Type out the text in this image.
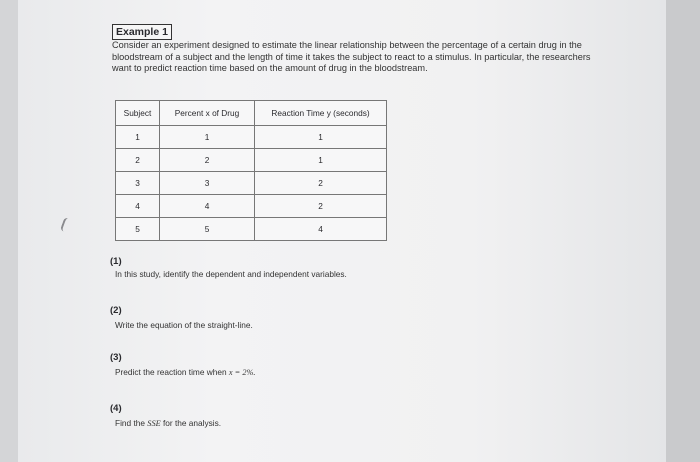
Example 1
Consider an experiment designed to estimate the linear relationship between the percentage of a certain drug in the bloodstream of a subject and the length of time it takes the subject to react to a stimulus. In particular, the researchers want to predict reaction time based on the amount of drug in the bloodstream.
Subject	Percent x of Drug	Reaction Time y (seconds)
1	1	1
2	2	1
3	3	2
4	4	2
5	5	4
(1)
In this study, identify the dependent and independent variables.
(2)
Write the equation of the straight-line.
(3)
Predict the reaction time when x = 2%.
(4)
Find the SSE for the analysis.
